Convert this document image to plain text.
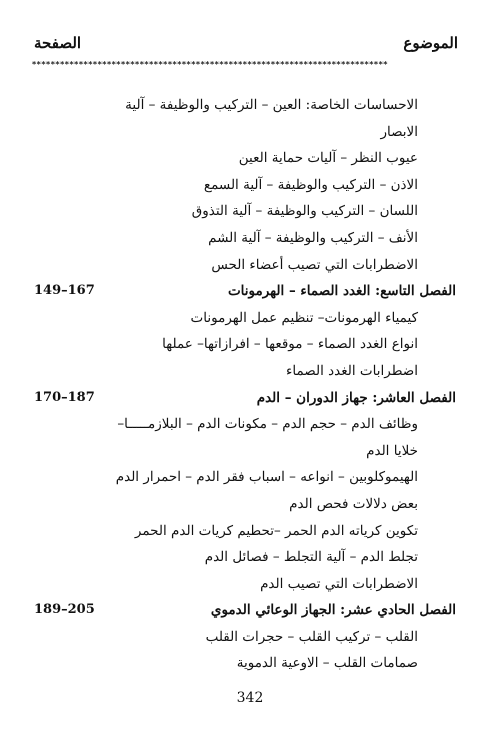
الموضوع
الصفحة
****************************************************************************
الاحساسات الخاصة: العين – التركيب والوظيفة – آلية
الابصار
عيوب النظر – آليات حماية العين
الاذن – التركيب والوظيفة – آلية السمع
اللسان – التركيب والوظيفة – آلية التذوق
الأنف – التركيب والوظيفة – آلية الشم
الاضطرابات التي تصيب أعضاء الحس
الفصل التاسع: الغدد الصماء – الهرمونات
149–167
كيمياء الهرمونات– تنظيم عمل الهرمونات
انواع الغدد الصماء – موقعها – افرازاتها– عملها
اضطرابات الغدد الصماء
الفصل العاشر: جهاز الدوران – الدم
170–187
وظائف الدم – حجم الدم – مكونات الدم – البلازمـــــا–
خلايا الدم
الهيموكلوبين – انواعه – اسباب فقر الدم – احمرار الدم
بعض دلالات فحص الدم
تكوين كرياته الدم الحمر –تحطيم كريات الدم الحمر
تجلط الدم – آلية التجلط – فصائل الدم
الاضطرابات التي تصيب الدم
الفصل الحادي عشر: الجهاز الوعائي الدموي
189–205
القلب – تركيب القلب – حجرات القلب
صمامات القلب – الاوعية الدموية
342
